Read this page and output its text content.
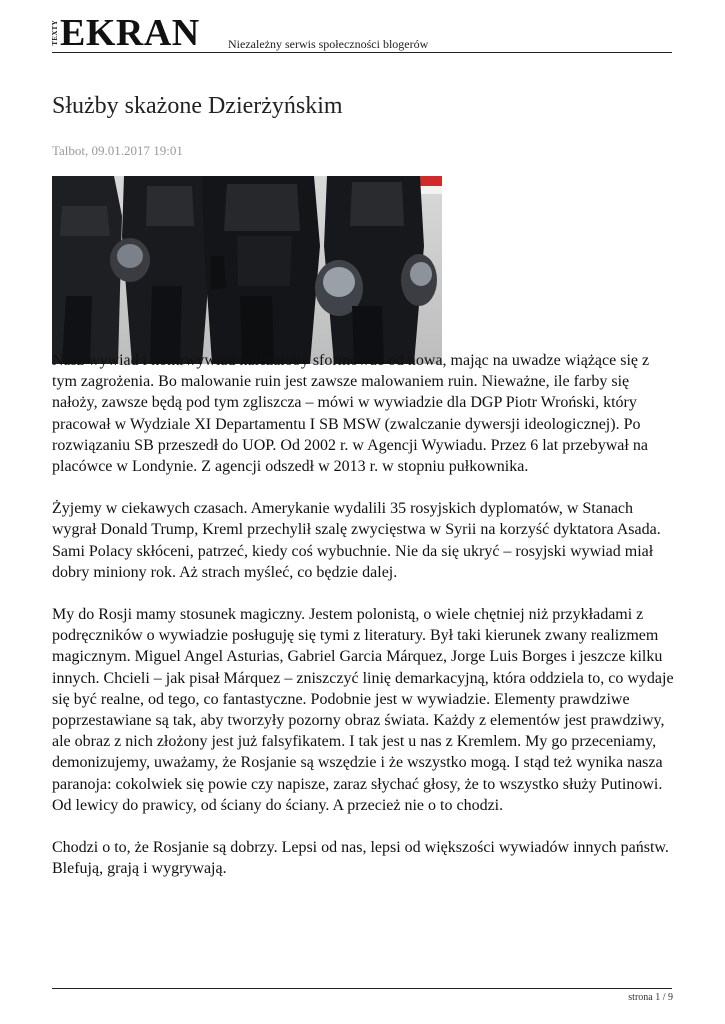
TEXTY EKRAN Niezależny serwis społeczności blogerów
Służby skażone Dzierżyńskim
Talbot, 09.01.2017 19:01

Nasz wywiad i kontrwywiad należałoby sformować od nowa, mając na uwadze wiążące się z tym zagrożenia. Bo malowanie ruin jest zawsze malowaniem ruin. Nieważne, ile farby się nałoży, zawsze będą pod tym zgliszcza – mówi w wywiadzie dla DGP Piotr Wroński, który pracował w Wydziale XI Departamentu I SB MSW (zwalczanie dywersji ideologicznej). Po rozwiązaniu SB przeszedł do UOP. Od 2002 r. w Agencji Wywiadu. Przez 6 lat przebywał na placówce w Londynie. Z agencji odszedł w 2013 r. w stopniu pułkownika.

Żyjemy w ciekawych czasach. Amerykanie wydalili 35 rosyjskich dyplomatów, w Stanach wygrał Donald Trump, Kreml przechylił szalę zwycięstwa w Syrii na korzyść dyktatora Asada. Sami Polacy skłóceni, patrzeć, kiedy coś wybuchnie. Nie da się ukryć – rosyjski wywiad miał dobry miniony rok. Aż strach myśleć, co będzie dalej.

My do Rosji mamy stosunek magiczny. Jestem polonistą, o wiele chętniej niż przykładami z podręczników o wywiadzie posługuję się tymi z literatury. Był taki kierunek zwany realizmem magicznym. Miguel Angel Asturias, Gabriel Garcia Márquez, Jorge Luis Borges i jeszcze kilku innych. Chcieli – jak pisał Márquez – zniszczyć linię demarkacyjną, która oddziela to, co wydaje się być realne, od tego, co fantastyczne. Podobnie jest w wywiadzie. Elementy prawdziwe poprzestawiane są tak, aby tworzyły pozorny obraz świata. Każdy z elementów jest prawdziwy, ale obraz z nich złożony jest już falsyfikatem. I tak jest u nas z Kremlem. My go przeceniamy, demonizujemy, uważamy, że Rosjanie są wszędzie i że wszystko mogą. I stąd też wynika nasza paranoja: cokolwiek się powie czy napisze, zaraz słychać głosy, że to wszystko służy Putinowi. Od lewicy do prawicy, od ściany do ściany. A przecież nie o to chodzi.

Chodzi o to, że Rosjanie są dobrzy. Lepsi od nas, lepsi od większości wywiadów innych państw. Blefują, grają i wygrywają.

strona 1 / 9
